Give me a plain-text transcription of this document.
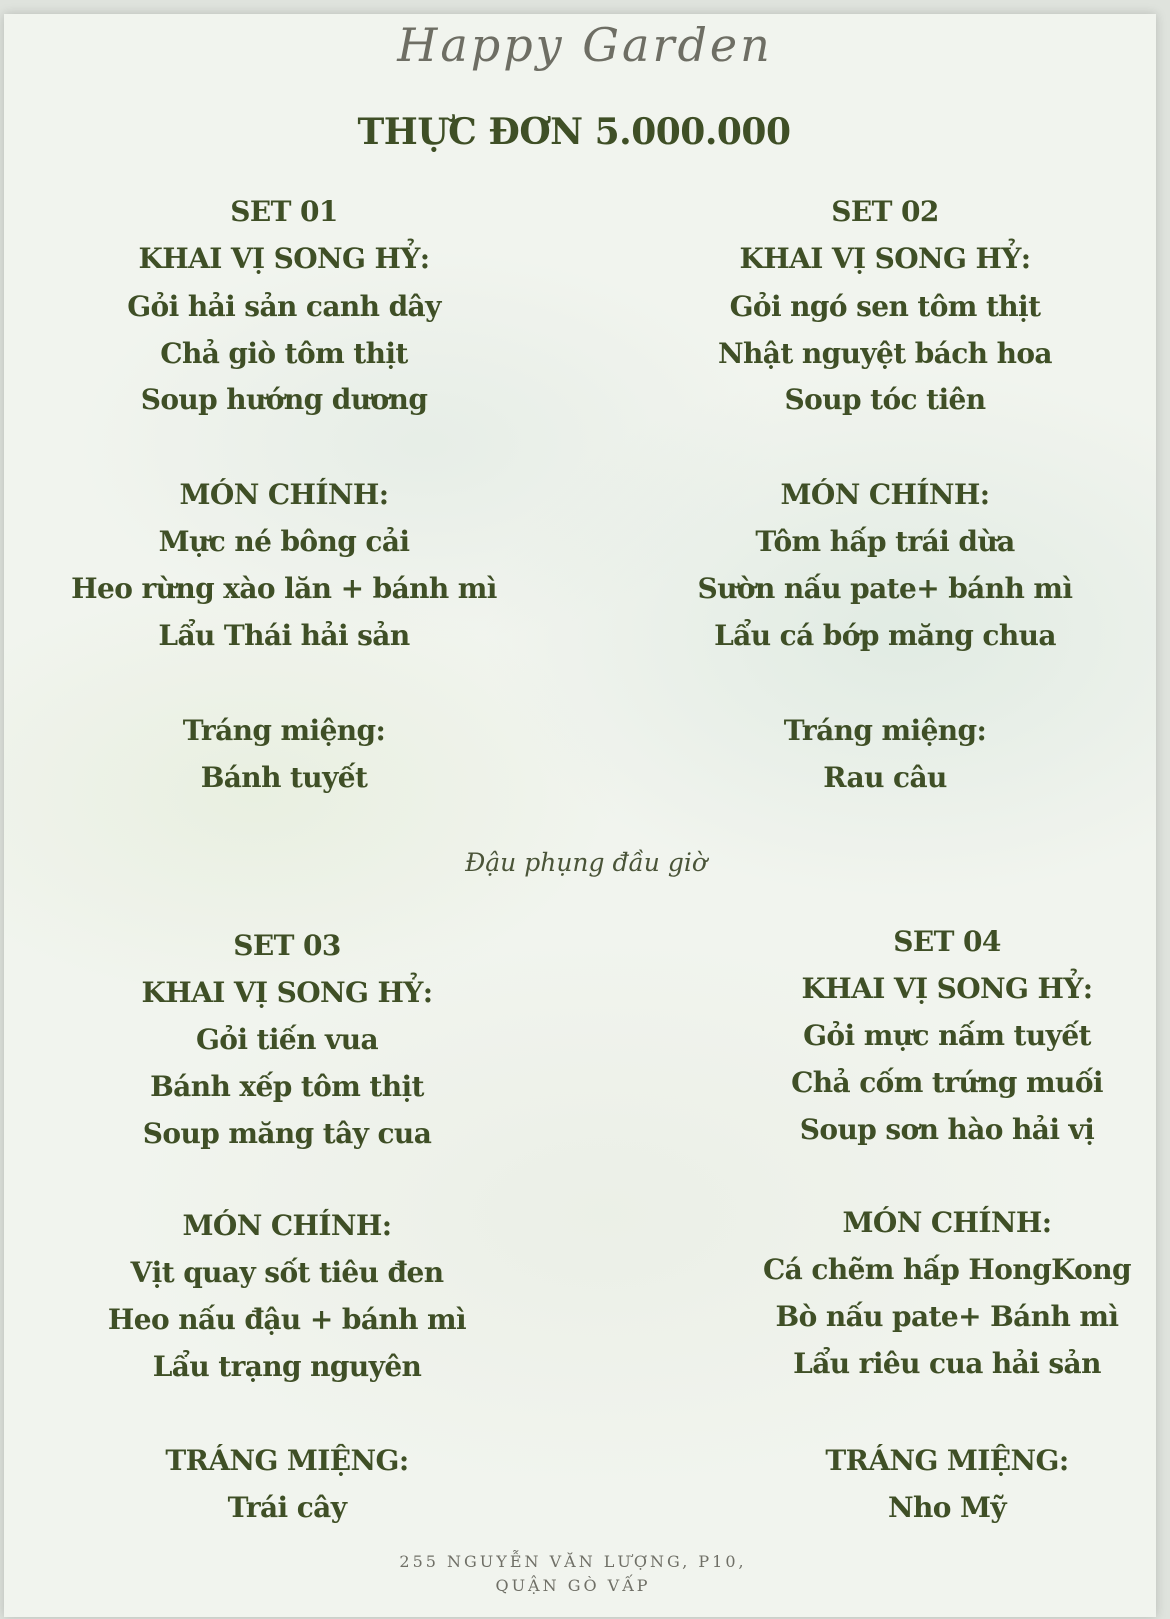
Happy Garden
THỰC ĐƠN 5.000.000
SET 01
KHAI VỊ SONG HỶ:
Gỏi hải sản canh dây
Chả giò tôm thịt
Soup hướng dương
MÓN CHÍNH:
Mực né bông cải
Heo rừng xào lăn + bánh mì
Lẩu Thái hải sản
Tráng miệng:
Bánh tuyết
SET 02
KHAI VỊ SONG HỶ:
Gỏi ngó sen tôm thịt
Nhật nguyệt bách hoa
Soup tóc tiên
MÓN CHÍNH:
Tôm hấp trái dừa
Sườn nấu pate+ bánh mì
Lẩu cá bớp măng chua
Tráng miệng:
Rau câu
Đậu phụng đầu giờ
SET 03
KHAI VỊ SONG HỶ:
Gỏi tiến vua
Bánh xếp tôm thịt
Soup măng tây cua
MÓN CHÍNH:
Vịt quay sốt tiêu đen
Heo nấu đậu + bánh mì
Lẩu trạng nguyên
TRÁNG MIỆNG:
Trái cây
SET 04
KHAI VỊ SONG HỶ:
Gỏi mực nấm tuyết
Chả cốm trứng muối
Soup sơn hào hải vị
MÓN CHÍNH:
Cá chẽm hấp HongKong
Bò nấu pate+ Bánh mì
Lẩu riêu cua hải sản
TRÁNG MIỆNG:
Nho Mỹ
255 NGUYỄN VĂN LƯỢNG, P10,
QUẬN GÒ VẤP
